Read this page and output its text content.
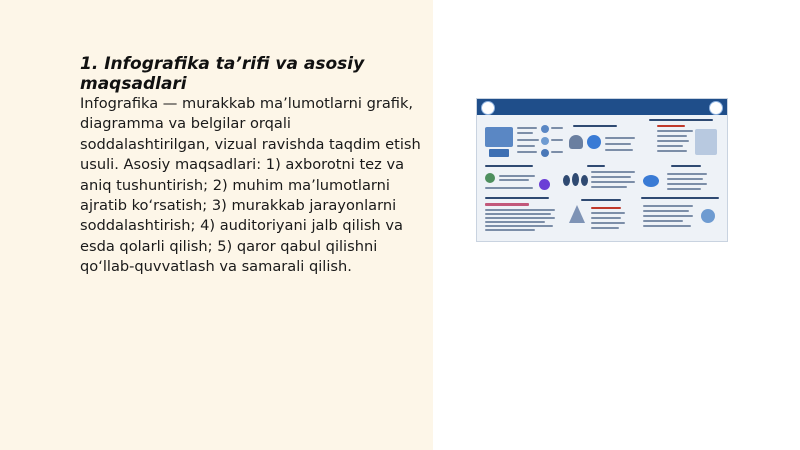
1. Infografika ta’rifi va asosiy maqsadlari

Infografika — murakkab ma’lumotlarni grafik, diagramma va belgilar orqali soddalashtirilgan, vizual ravishda taqdim etish usuli. Asosiy maqsadlari: 1) axborotni tez va aniq tushuntirish; 2) muhim ma’lumotlarni ajratib ko‘rsatish; 3) murakkab jarayonlarni soddalashtirish; 4) auditoriyani jalb qilish va esda qolarli qilish; 5) qaror qabul qilishni qo‘llab-quvvatlash va samarali qilish.
